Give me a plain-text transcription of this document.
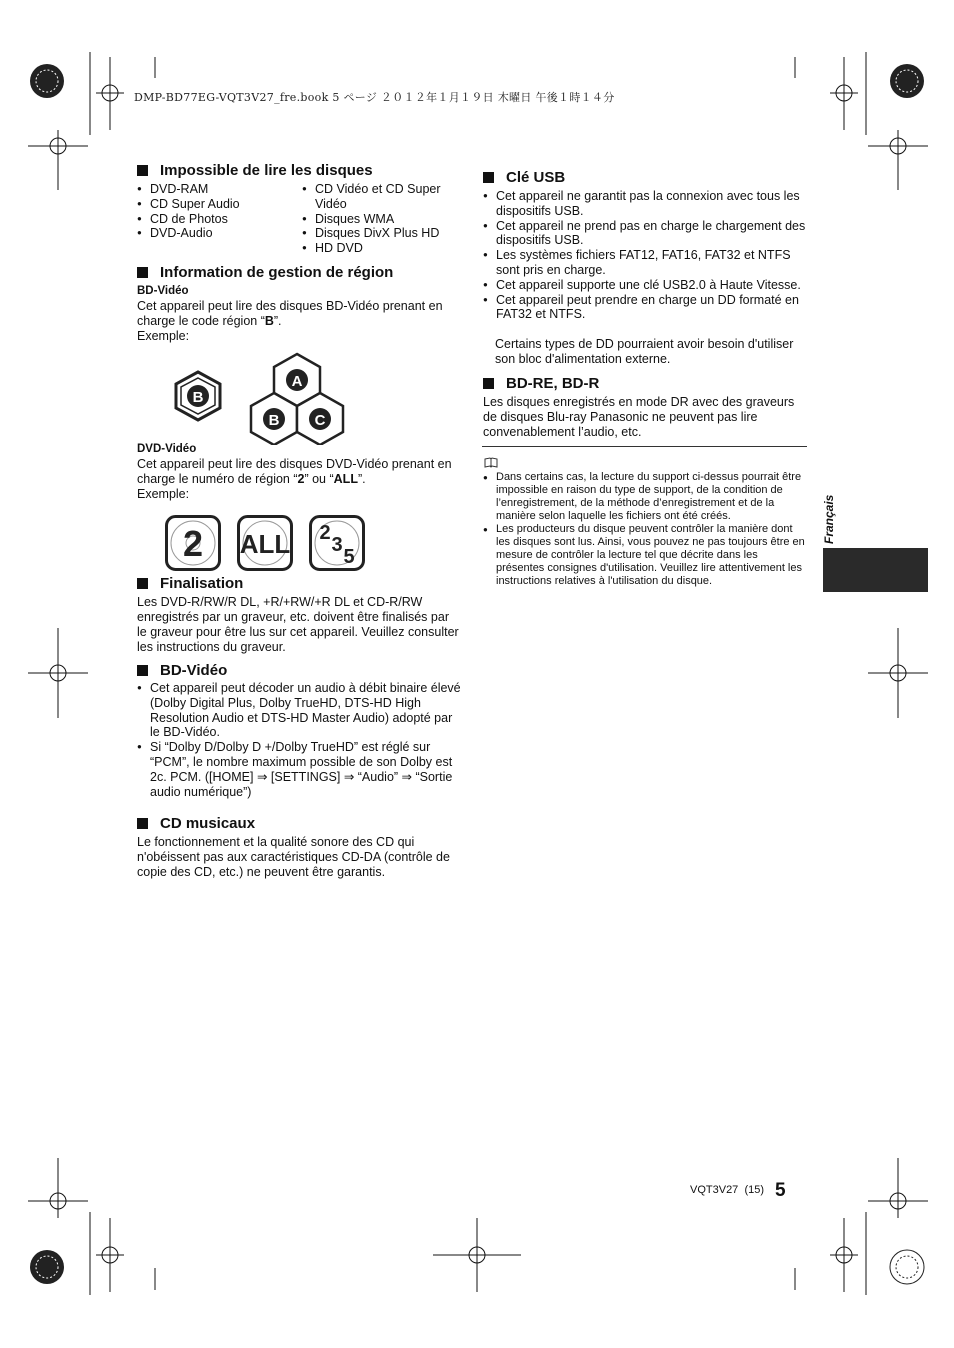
DMP-BD77EG-VQT3V27_fre.book 5 ページ ２０１２年１月１９日 木曜日 午後１時１４分
Impossible de lire les disques
● DVD-RAM
● CD Super Audio
● CD de Photos
● DVD-Audio
● CD Vidéo et CD Super Vidéo
● Disques WMA
● Disques DivX Plus HD
● HD DVD
Information de gestion de région
BD-Vidéo
Cet appareil peut lire des disques BD-Vidéo prenant en charge le code région “B”.
Exemple:
B
A
B C
DVD-Vidéo
Cet appareil peut lire des disques DVD-Vidéo prenant en charge le numéro de région “2” ou “ALL”.
Exemple:
2 ALL 2
3
5
Finalisation
Les DVD-R/RW/R DL, +R/+RW/+R DL et CD-R/RW enregistrés par un graveur, etc. doivent être finalisés par le graveur pour être lus sur cet appareil. Veuillez consulter les instructions du graveur.
BD-Vidéo
● Cet appareil peut décoder un audio à débit binaire élevé (Dolby Digital Plus, Dolby TrueHD, DTS-HD High Resolution Audio et DTS-HD Master Audio) adopté par le BD-Vidéo.
● Si “Dolby D/Dolby D +/Dolby TrueHD” est réglé sur “PCM”, le nombre maximum possible de son Dolby est 2c. PCM. ([HOME] ⇒ [SETTINGS] ⇒ “Audio” ⇒ “Sortie audio numérique”)
CD musicaux
Le fonctionnement et la qualité sonore des CD qui n'obéissent pas aux caractéristiques CD-DA (contrôle de copie des CD, etc.) ne peuvent être garantis.
Clé USB
● Cet appareil ne garantit pas la connexion avec tous les dispositifs USB.
● Cet appareil ne prend pas en charge le chargement des dispositifs USB.
● Les systèmes fichiers FAT12, FAT16, FAT32 et NTFS sont pris en charge.
● Cet appareil supporte une clé USB2.0 à Haute Vitesse.
● Cet appareil peut prendre en charge un DD formaté en FAT32 et NTFS.
Certains types de DD pourraient avoir besoin d'utiliser son bloc d'alimentation externe.
BD-RE, BD-R
Les disques enregistrés en mode DR avec des graveurs de disques Blu-ray Panasonic ne peuvent pas lire convenablement l’audio, etc.
● Dans certains cas, la lecture du support ci-dessus pourrait être impossible en raison du type de support, de la condition de l’enregistrement, de la méthode d’enregistrement et de la manière selon laquelle les fichiers ont été créés.
● Les producteurs du disque peuvent contrôler la manière dont les disques sont lus. Ainsi, vous pouvez ne pas toujours être en mesure de contrôler la lecture tel que décrite dans les présentes consignes d'utilisation. Veuillez lire attentivement les instructions relatives à l'utilisation du disque.
Français
VQT3V27 (15) 5
